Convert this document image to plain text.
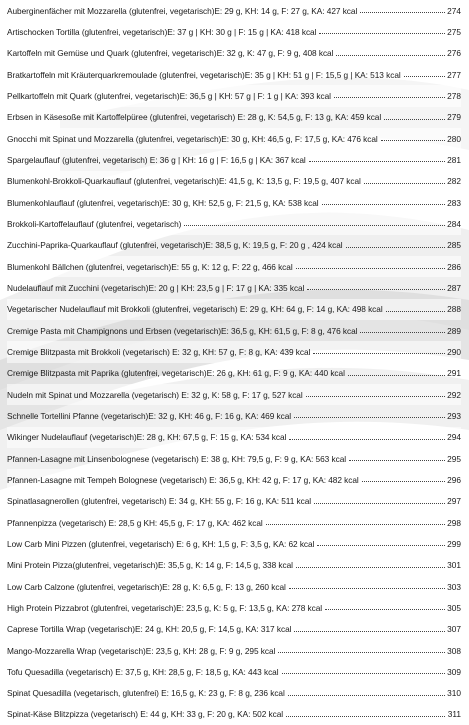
Auberginenfächer mit Mozzarella (glutenfrei, vegetarisch)E: 29 g, KH: 14 g, F: 27 g, KA: 427 kcal	274
Artischocken Tortilla (glutenfrei, vegetarisch)E: 37 g | KH: 30 g | F: 15 g | KA: 418 kcal	275
Kartoffeln mit Gemüse und Quark (glutenfrei, vegetarisch)E: 32 g, K: 47 g, F: 9 g, 408 kcal	276
Bratkartoffeln mit Kräuterquarkremoulade (glutenfrei, vegetarisch)E: 35 g | KH: 51 g | F: 15,5 g | KA: 513 kcal	277
Pellkartoffeln mit Quark (glutenfrei, vegetarisch)E: 36,5 g | KH: 57 g | F: 1 g | KA: 393 kcal	278
Erbsen in Käsesoße mit Kartoffelpüree (glutenfrei, vegetarisch) E: 28 g, K: 54,5 g, F: 13 g, KA: 459 kcal	279
Gnocchi mit Spinat und Mozzarella (glutenfrei, vegetarisch)E: 30 g, KH: 46,5 g, F: 17,5 g, KA: 476 kcal	280
Spargelauflauf (glutenfrei, vegetarisch) E: 36 g | KH: 16 g | F: 16,5 g | KA: 367 kcal	281
Blumenkohl-Brokkoli-Quarkauflauf (glutenfrei, vegetarisch)E: 41,5 g, K: 13,5 g, F: 19,5 g, 407 kcal	282
Blumenkohlauflauf (glutenfrei, vegetarisch)E: 30 g, KH: 52,5 g, F: 21,5 g, KA: 538 kcal	283
Brokkoli-Kartoffelauflauf (glutenfrei, vegetarisch)	284
Zucchini-Paprika-Quarkauflauf (glutenfrei, vegetarisch)E: 38,5 g, K: 19,5 g, F: 20 g , 424 kcal	285
Blumenkohl Bällchen (glutenfrei, vegetarisch)E: 55 g, K: 12 g, F: 22 g, 466 kcal	286
Nudelauflauf mit Zucchini (vegetarisch)E: 20 g | KH: 23,5 g | F: 17 g | KA: 335 kcal	287
Vegetarischer Nudelauflauf mit Brokkoli (glutenfrei, vegetarisch) E: 29 g, KH: 64 g, F: 14 g, KA: 498 kcal	288
Cremige Pasta mit Champignons und Erbsen (vegetarisch)E: 36,5 g, KH: 61,5 g, F: 8 g, 476 kcal	289
Cremige Blitzpasta mit Brokkoli (vegetarisch) E: 32 g, KH: 57 g, F: 8 g, KA: 439 kcal	290
Cremige Blitzpasta mit Paprika (glutenfrei, vegetarisch)E: 26 g, KH: 61 g, F: 9 g, KA: 440 kcal	291
Nudeln mit Spinat und Mozzarella (vegetarisch) E: 32 g, K: 58 g, F: 17 g, 527 kcal	292
Schnelle Tortellini Pfanne (vegetarisch)E: 32 g, KH: 46 g, F: 16 g, KA: 469 kcal	293
Wikinger Nudelauflauf (vegetarisch)E: 28 g, KH: 67,5 g, F: 15 g, KA: 534 kcal	294
Pfannen-Lasagne mit Linsenbolognese (vegetarisch) E: 38 g, KH: 79,5 g, F: 9 g, KA: 563 kcal	295
Pfannen-Lasagne mit Tempeh Bolognese (vegetarisch) E: 36,5 g, KH: 42 g, F: 17 g, KA: 482 kcal	296
Spinatlasagnerollen (glutenfrei, vegetarisch) E: 34 g, KH: 55 g, F: 16 g, KA: 511 kcal	297
Pfannenpizza (vegetarisch) E: 28,5 g KH: 45,5 g, F: 17 g, KA: 462 kcal	298
Low Carb Mini Pizzen (glutenfrei, vegetarisch) E: 6 g, KH: 1,5 g, F: 3,5 g, KA: 62 kcal	299
Mini Protein Pizza(glutenfrei, vegetarisch)E: 35,5 g, K: 14 g, F: 14,5 g, 338 kcal	301
Low Carb Calzone (glutenfrei, vegetarisch)E: 28 g, K: 6,5 g, F: 13 g, 260 kcal	303
High Protein Pizzabrot (glutenfrei, vegetarisch)E: 23,5 g, K: 5 g, F: 13,5 g, KA: 278 kcal	305
Caprese Tortilla Wrap (vegetarisch)E: 24 g, KH: 20,5 g, F: 14,5 g, KA: 317 kcal	307
Mango-Mozzarella Wrap (vegetarisch)E: 23,5 g, KH: 28 g, F: 9 g, 295 kcal	308
Tofu Quesadilla (vegetarisch) E: 37,5 g, KH: 28,5 g, F: 18,5 g, KA: 443 kcal	309
Spinat Quesadilla (vegetarisch, glutenfrei) E: 16,5 g, K: 23 g, F: 8 g, 236 kcal	310
Spinat-Käse Blitzpizza (vegetarisch) E: 44 g, KH: 33 g, F: 20 g, KA: 502 kcal	311
